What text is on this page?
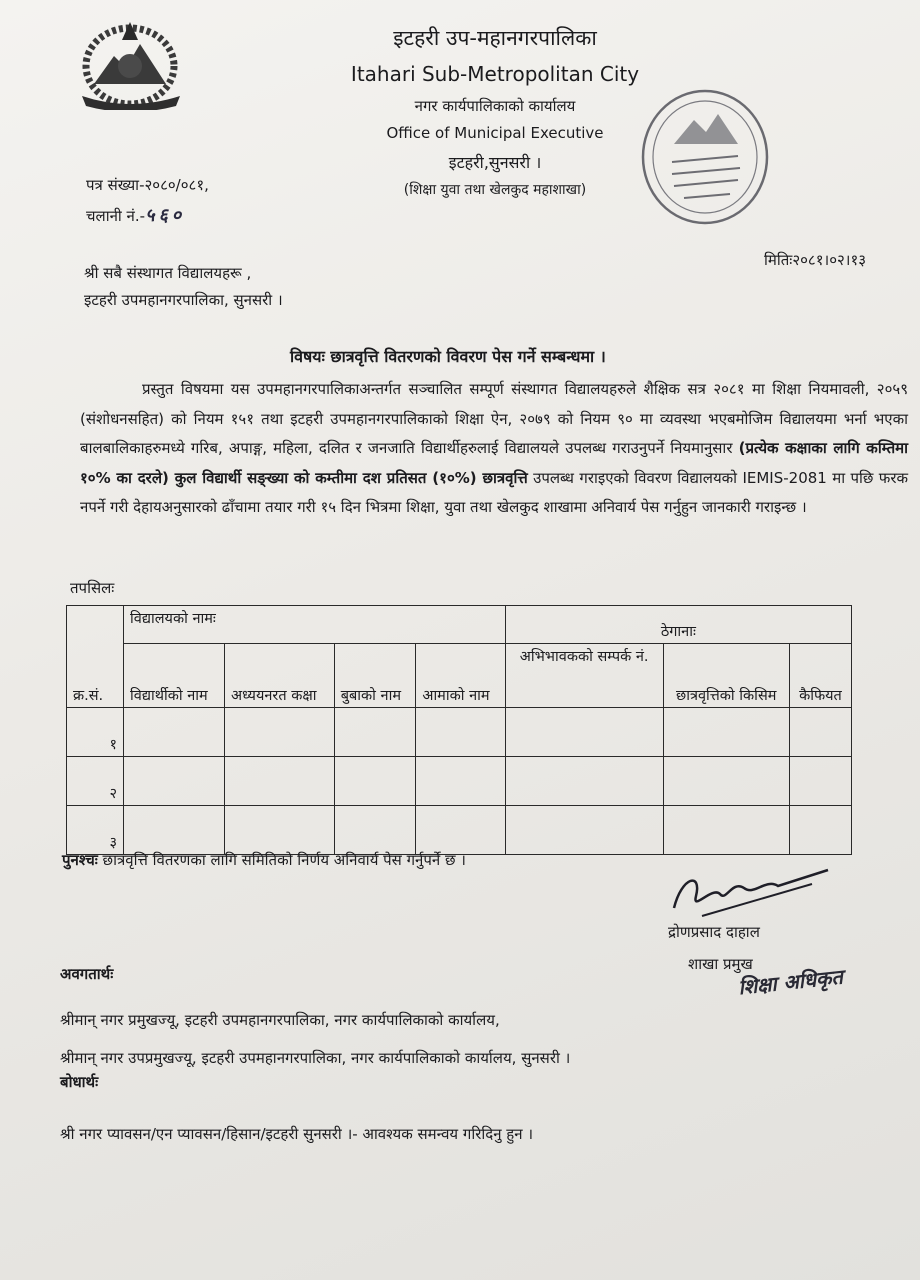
इटहरी उप-महानगरपालिका
Itahari Sub-Metropolitan City
नगर कार्यपालिकाको कार्यालय
Office of Municipal Executive
इटहरी,सुनसरी ।
(शिक्षा युवा तथा खेलकुद महाशाखा)
पत्र संख्या-२०८०/०८१,
चलानी नं.-५६०
मितिः२०८१।०२।१३
श्री सबै संस्थागत विद्यालयहरू ,
इटहरी उपमहानगरपालिका, सुनसरी ।
विषयः छात्रवृत्ति वितरणको विवरण पेस गर्ने सम्बन्धमा ।
प्रस्तुत विषयमा यस उपमहानगरपालिकाअन्तर्गत सञ्चालित सम्पूर्ण संस्थागत विद्यालयहरुले शैक्षिक सत्र २०८१ मा शिक्षा नियमावली, २०५९ (संशोधनसहित) को नियम १५१ तथा इटहरी उपमहानगरपालिकाको शिक्षा ऐन, २०७९ को नियम ९० मा व्यवस्था भएबमोजिम विद्यालयमा भर्ना भएका बालबालिकाहरुमध्ये गरिब, अपाङ्ग, महिला, दलित र जनजाति विद्यार्थीहरुलाई विद्यालयले उपलब्ध गराउनुपर्ने नियमानुसार (प्रत्येक कक्षाका लागि कम्तिमा १०% का दरले) कुल विद्यार्थी सङ्ख्या को कम्तीमा दश प्रतिसत (१०%) छात्रवृत्ति उपलब्ध गराइएको विवरण विद्यालयको IEMIS-2081 मा पछि फरक नपर्ने गरी देहायअनुसारको ढाँचामा तयार गरी १५ दिन भित्रमा शिक्षा, युवा तथा खेलकुद शाखामा अनिवार्य पेस गर्नुहुन जानकारी गराइन्छ ।
तपसिलः
क्र.सं.	विद्यालयको नामः				ठेगानाः		
	विद्यार्थीको नाम	अध्ययनरत कक्षा	बुबाको नाम	आमाको नाम	अभिभावकको सम्पर्क नं.	छात्रवृत्तिको किसिम	कैफियत
१							
२							
३							
पुनश्चः छात्रवृत्ति वितरणका लागि समितिको निर्णय अनिवार्य पेस गर्नुपर्ने छ ।
द्रोणप्रसाद दाहाल
शाखा प्रमुख
शिक्षा अधिकृत
अवगतार्थः
श्रीमान् नगर प्रमुखज्यू, इटहरी उपमहानगरपालिका, नगर कार्यपालिकाको कार्यालय,
श्रीमान् नगर उपप्रमुखज्यू, इटहरी उपमहानगरपालिका, नगर कार्यपालिकाको कार्यालय, सुनसरी ।
बोधार्थः
श्री नगर प्यावसन/एन प्यावसन/हिसान/इटहरी सुनसरी ।- आवश्यक समन्वय गरिदिनु हुन ।
